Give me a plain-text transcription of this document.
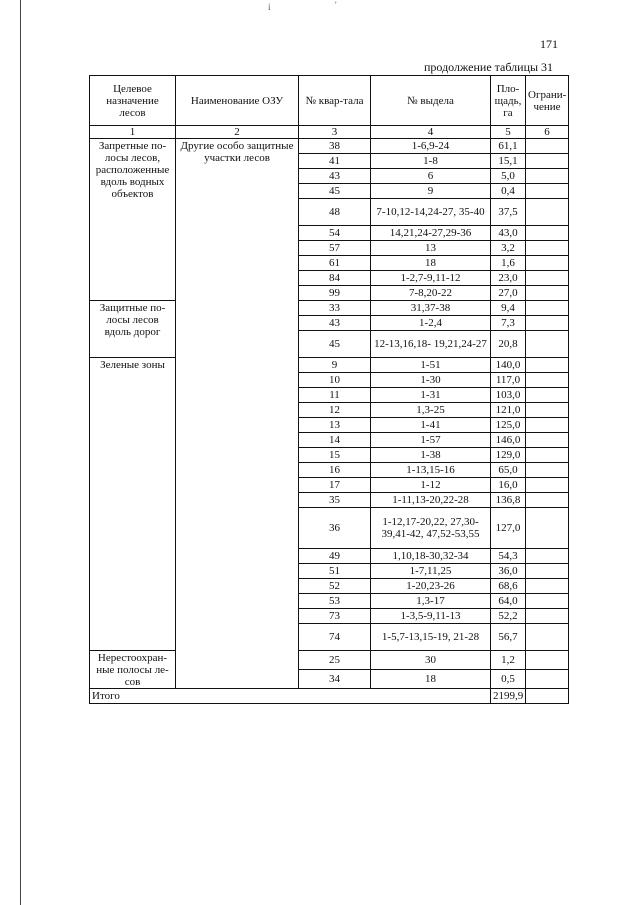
i	'
171
продолжение таблицы 31
Целевое назначение лесов	Наименование ОЗУ	№ квар-тала	№ выдела	Пло-щадь, га	Ограни-чение
1	2	3	4	5	6
Запретные по-лосы лесов, расположенные вдоль водных объектов	Другие особо защитные участки лесов	38	1-6,9-24	61,1	
		41	1-8	15,1	
		43	6	5,0	
		45	9	0,4	
		48	7-10,12-14,24-27, 35-40	37,5	
		54	14,21,24-27,29-36	43,0	
		57	13	3,2	
		61	18	1,6	
		84	1-2,7-9,11-12	23,0	
		99	7-8,20-22	27,0	
Защитные по-лосы лесов вдоль дорог		33	31,37-38	9,4	
		43	1-2,4	7,3	
		45	12-13,16,18- 19,21,24-27	20,8	
Зеленые зоны		9	1-51	140,0	
		10	1-30	117,0	
		11	1-31	103,0	
		12	1,3-25	121,0	
		13	1-41	125,0	
		14	1-57	146,0	
		15	1-38	129,0	
		16	1-13,15-16	65,0	
		17	1-12	16,0	
		35	1-11,13-20,22-28	136,8	
		36	1-12,17-20,22, 27,30-39,41-42, 47,52-53,55	127,0	
		49	1,10,18-30,32-34	54,3	
		51	1-7,11,25	36,0	
		52	1-20,23-26	68,6	
		53	1,3-17	64,0	
		73	1-3,5-9,11-13	52,2	
		74	1-5,7-13,15-19, 21-28	56,7	
Нерестоохран-ные полосы ле-сов		25	30	1,2	
		34	18	0,5	
Итого				2199,9	
